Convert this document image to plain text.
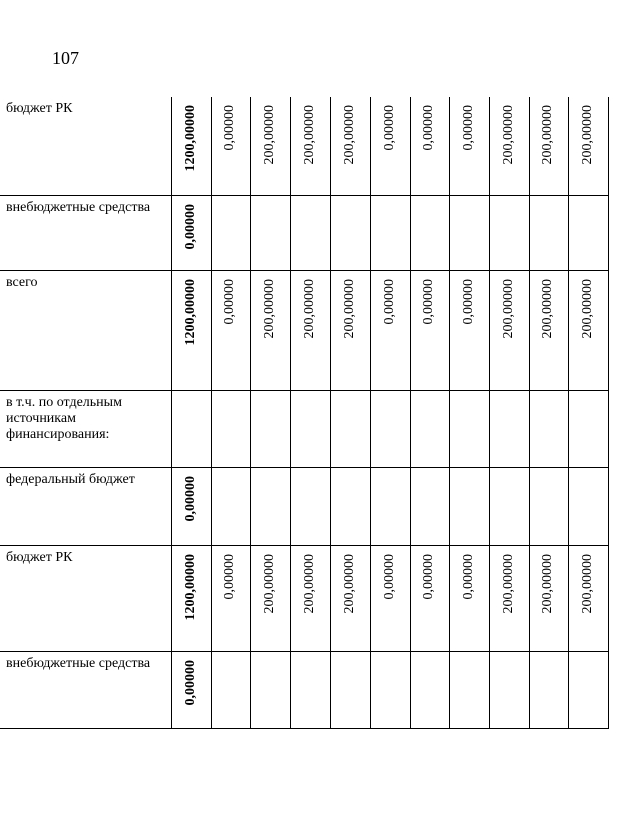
107
бюджет РК	1200,00000	0,00000	200,00000	200,00000	200,00000	0,00000	0,00000	0,00000	200,00000	200,00000	200,00000

внебюджетные средства	0,00000										

всего	1200,00000	0,00000	200,00000	200,00000	200,00000	0,00000	0,00000	0,00000	200,00000	200,00000	200,00000

в т.ч. по отдельным источникам финансирования:	

федеральный бюджет	0,00000										

бюджет РК	1200,00000	0,00000	200,00000	200,00000	200,00000	0,00000	0,00000	0,00000	200,00000	200,00000	200,00000

внебюджетные средства	0,00000										
